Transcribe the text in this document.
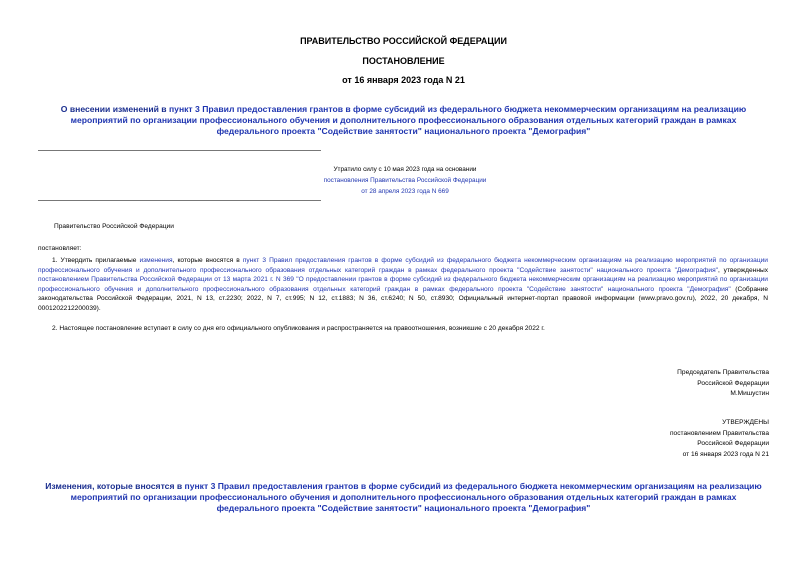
ПРАВИТЕЛЬСТВО РОССИЙСКОЙ ФЕДЕРАЦИИ
ПОСТАНОВЛЕНИЕ
от 16 января 2023 года N 21
О внесении изменений в пункт 3 Правил предоставления грантов в форме субсидий из федерального бюджета некоммерческим организациям на реализацию мероприятий по организации профессионального обучения и дополнительного профессионального образования отдельных категорий граждан в рамках федерального проекта "Содействие занятости" национального проекта "Демография"
Утратило силу с 10 мая 2023 года на основании
постановления Правительства Российской Федерации
от 28 апреля 2023 года N 669
Правительство Российской Федерации
постановляет:
1. Утвердить прилагаемые изменения, которые вносятся в пункт 3 Правил предоставления грантов в форме субсидий из федерального бюджета некоммерческим организациям на реализацию мероприятий по организации профессионального обучения и дополнительного профессионального образования отдельных категорий граждан в рамках федерального проекта "Содействие занятости" национального проекта "Демография", утвержденных постановлением Правительства Российской Федерации от 13 марта 2021 г. N 369 "О предоставлении грантов в форме субсидий из федерального бюджета некоммерческим организациям на реализацию мероприятий по организации профессионального обучения и дополнительного профессионального образования отдельных категорий граждан в рамках федерального проекта "Содействие занятости" национального проекта "Демография" (Собрание законодательства Российской Федерации, 2021, N 13, ст.2230; 2022, N 7, ст.995; N 12, ст.1883; N 36, ст.6240; N 50, ст.8930; Официальный интернет-портал правовой информации (www.pravo.gov.ru), 2022, 20 декабря, N 0001202212200039).
2. Настоящее постановление вступает в силу со дня его официального опубликования и распространяется на правоотношения, возникшие с 20 декабря 2022 г.
Председатель Правительства
Российской Федерации
М.Мишустин
УТВЕРЖДЕНЫ
постановлением Правительства
Российской Федерации
от 16 января 2023 года N 21
Изменения, которые вносятся в пункт 3 Правил предоставления грантов в форме субсидий из федерального бюджета некоммерческим организациям на реализацию мероприятий по организации профессионального обучения и дополнительного профессионального образования отдельных категорий граждан в рамках федерального проекта "Содействие занятости" национального проекта "Демография"
